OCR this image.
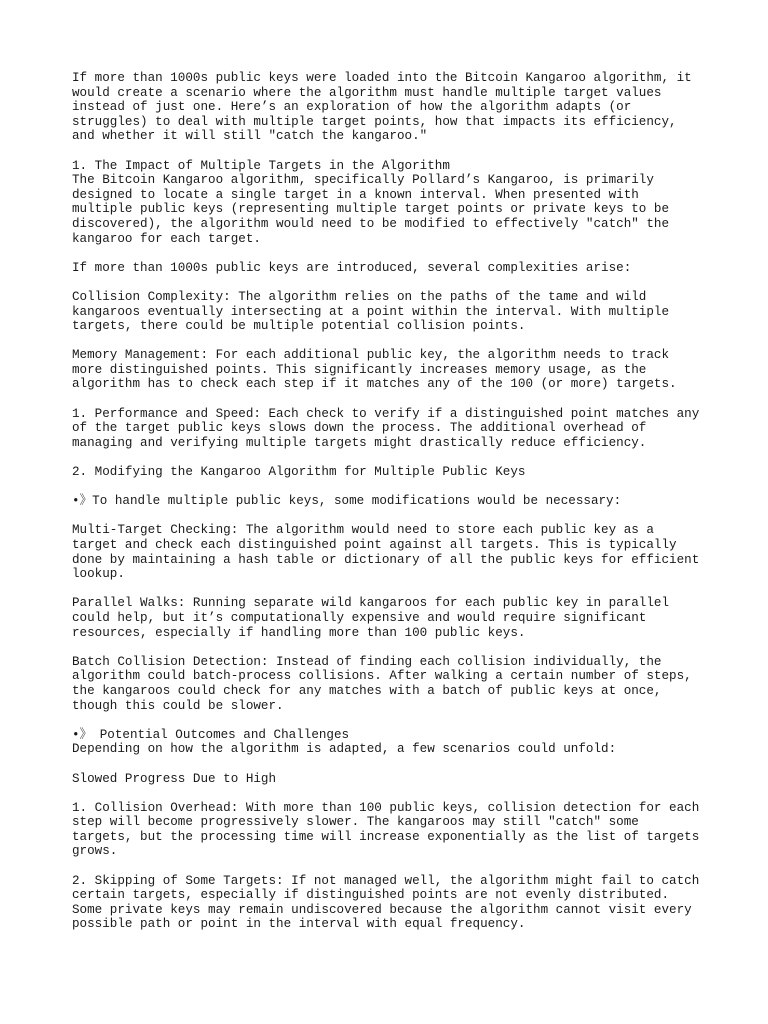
If more than 1000s public keys were loaded into the Bitcoin Kangaroo algorithm, it
would create a scenario where the algorithm must handle multiple target values
instead of just one. Here’s an exploration of how the algorithm adapts (or
struggles) to deal with multiple target points, how that impacts its efficiency,
and whether it will still "catch the kangaroo."

1. The Impact of Multiple Targets in the Algorithm
The Bitcoin Kangaroo algorithm, specifically Pollard’s Kangaroo, is primarily
designed to locate a single target in a known interval. When presented with
multiple public keys (representing multiple target points or private keys to be
discovered), the algorithm would need to be modified to effectively "catch" the
kangaroo for each target.

If more than 1000s public keys are introduced, several complexities arise:

Collision Complexity: The algorithm relies on the paths of the tame and wild
kangaroos eventually intersecting at a point within the interval. With multiple
targets, there could be multiple potential collision points.

Memory Management: For each additional public key, the algorithm needs to track
more distinguished points. This significantly increases memory usage, as the
algorithm has to check each step if it matches any of the 100 (or more) targets.

1. Performance and Speed: Each check to verify if a distinguished point matches any
of the target public keys slows down the process. The additional overhead of
managing and verifying multiple targets might drastically reduce efficiency.

2. Modifying the Kangaroo Algorithm for Multiple Public Keys

•》To handle multiple public keys, some modifications would be necessary:

Multi-Target Checking: The algorithm would need to store each public key as a
target and check each distinguished point against all targets. This is typically
done by maintaining a hash table or dictionary of all the public keys for efficient
lookup.

Parallel Walks: Running separate wild kangaroos for each public key in parallel
could help, but it’s computationally expensive and would require significant
resources, especially if handling more than 100 public keys.

Batch Collision Detection: Instead of finding each collision individually, the
algorithm could batch-process collisions. After walking a certain number of steps,
the kangaroos could check for any matches with a batch of public keys at once,
though this could be slower.

•》 Potential Outcomes and Challenges
Depending on how the algorithm is adapted, a few scenarios could unfold:

Slowed Progress Due to High

1. Collision Overhead: With more than 100 public keys, collision detection for each
step will become progressively slower. The kangaroos may still "catch" some
targets, but the processing time will increase exponentially as the list of targets
grows.

2. Skipping of Some Targets: If not managed well, the algorithm might fail to catch
certain targets, especially if distinguished points are not evenly distributed.
Some private keys may remain undiscovered because the algorithm cannot visit every
possible path or point in the interval with equal frequency.
